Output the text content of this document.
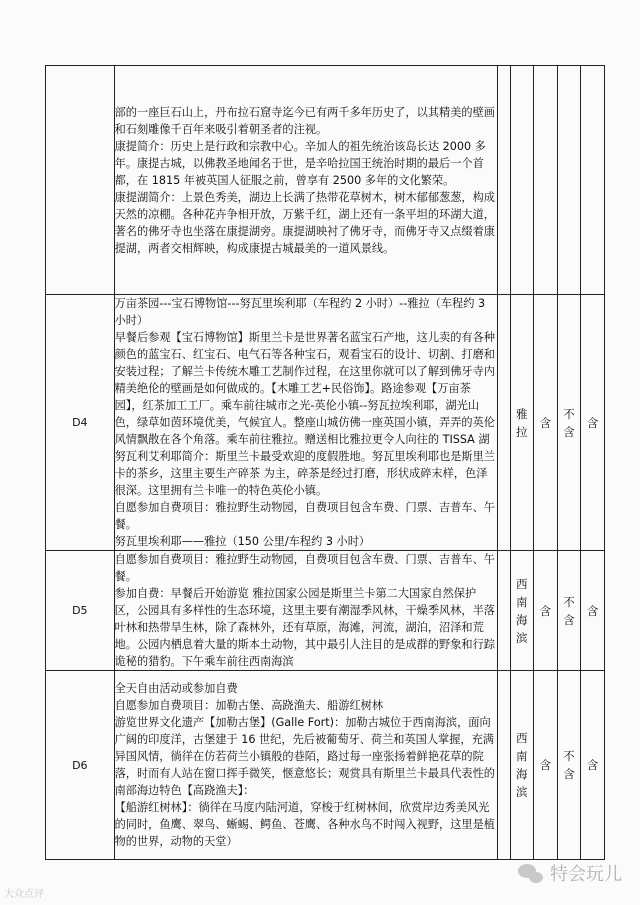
	部的一座巨石山上，丹布拉石窟寺迄今已有两千多年历史了，以其精美的壁画和石刻雕像千百年来吸引着朝圣者的注视。

康提简介：历史上是行政和宗教中心。辛加人的祖先统治该岛长达 2000 多年。康提古城，以佛教圣地闻名于世，是辛哈拉国王统治时期的最后一个首都，在 1815 年被英国人征服之前，曾享有 2500 多年的文化繁荣。

康提湖简介：上景色秀美，湖边上长满了热带花草树木，树木郁郁葱葱，构成天然的凉棚。各种花卉争相开放，万紫千红，湖上还有一条平坦的环湖大道，著名的佛牙寺也坐落在康提湖旁。康提湖映衬了佛牙寺，而佛牙寺又点缀着康提湖，两者交相辉映，构成康提古城最美的一道风景线。					

D4	万亩茶园---宝石博物馆---努瓦里埃利耶（车程约 2 小时）--雅拉（车程约 3 小时）

早餐后参观【宝石博物馆】斯里兰卡是世界著名蓝宝石产地，这儿卖的有各种颜色的蓝宝石、红宝石、电气石等各种宝石，观看宝石的设计、切割、打磨和安装过程；了解兰卡传统木雕工艺制作过程，在这里你就可以了解到佛牙寺内精美绝伦的壁画是如何做成的。【木雕工艺+民俗饰】。路途参观【万亩茶园】，红茶加工工厂。乘车前往城市之光-英伦小镇--努瓦拉埃利耶，湖光山色，绿草如茵环境优美，气候宜人。整座山城仿佛一座英国小镇，弄弄的英伦风情飘散在各个角落。乘车前往雅拉。赠送相比雅拉更令人向往的 TISSA 湖

努瓦利艾利耶简介：斯里兰卡最受欢迎的度假胜地。努瓦里埃利耶也是斯里兰卡的茶乡，这里主要生产碎茶 为主，碎茶是经过打磨，形状成碎末样，色泽很深。这里拥有兰卡唯一的特色英伦小镇。

自愿参加自费项目：雅拉野生动物园，自费项目包含车费、门票、吉普车、午餐。

努瓦里埃利耶——雅拉（150 公里/车程约 3 小时）		雅拉	含	不含	含
D5	自愿参加自费项目：雅拉野生动物园，自费项目包含车费、门票、吉普车、午餐。

参加自费：早餐后开始游览 雅拉国家公园是斯里兰卡第二大国家自然保护区，公园具有多样性的生态环境，这里主要有潮湿季风林，干燥季风林，半落叶林和热带旱生林，除了森林外，还有草原，海滩，河流，湖泊，沼泽和荒地。公园内栖息着大量的斯本土动物，其中最引人注目的是成群的野象和行踪诡秘的猎豹。下午乘车前往西南海滨		西南海滨	含	不含	含
D6	全天自由活动或参加自费

自愿参加自费项目：加勒古堡、高跷渔夫、船游红树林

游览世界文化遗产【加勒古堡】(Galle Fort)：加勒古城位于西南海滨，面向广阔的印度洋，古堡建于 16 世纪，先后被葡萄牙、荷兰和英国人掌握，充满异国风情，徜徉在仿若荷兰小镇般的巷陌，路过每一座张扬着鲜艳花草的院落，时而有人站在窗口挥手微笑，惬意悠长；观赏具有斯里兰卡最具代表性的南部海边特色【高跷渔夫】：

【船游红树林】：徜徉在马度内陆河道，穿梭于红树林间，欣赏岸边秀美风光的同时，鱼鹰、翠鸟、蜥蜴、鳄鱼、苍鹰、各种水鸟不时闯入视野，这里是植物的世界，动物的天堂）		西南海滨	含	不含	含
特会玩儿
大众点评
